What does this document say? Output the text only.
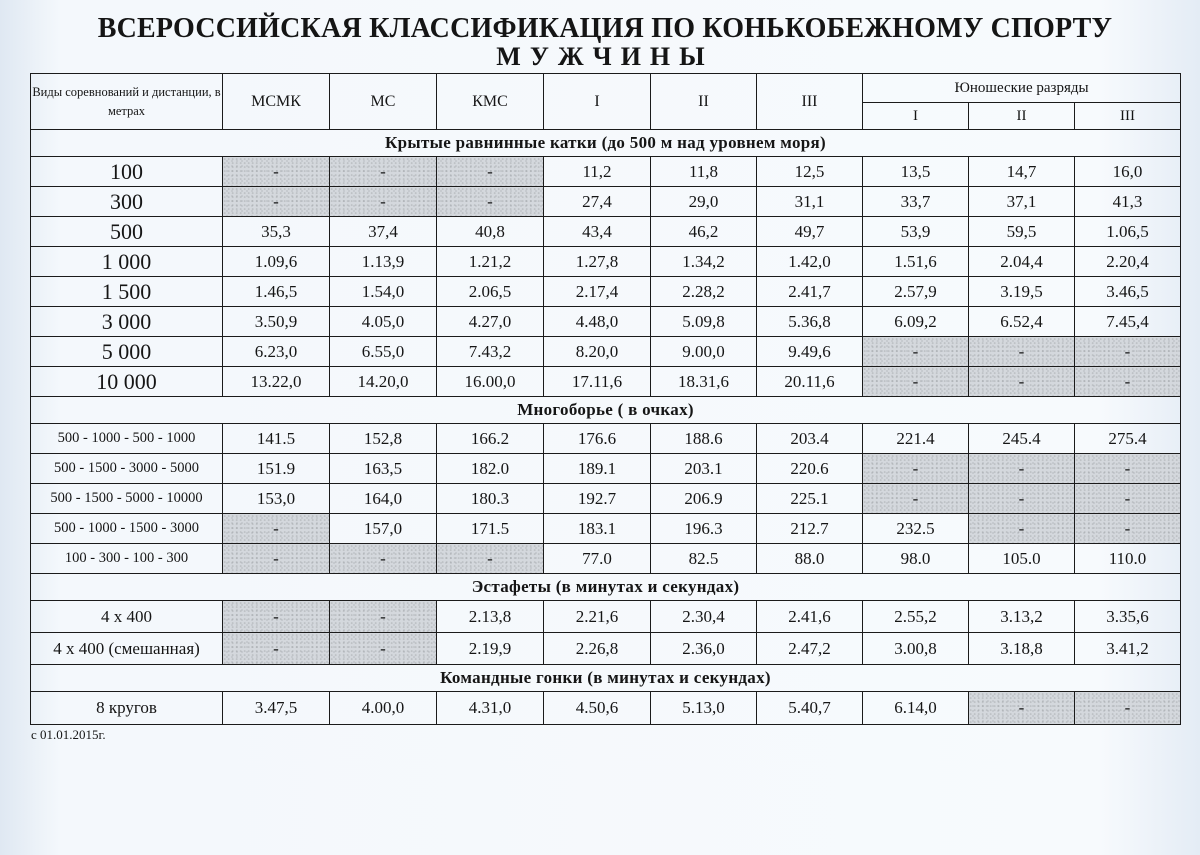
ВСЕРОССИЙСКАЯ КЛАССИФИКАЦИЯ ПО КОНЬКОБЕЖНОМУ СПОРТУ
МУЖЧИНЫ
Виды соревнований и дистанции, в метрах	МСМК	МС	КМС	I	II	III	Юношеские разряды		
							I	II	III
Крытые равнинные катки (до 500 м над уровнем моря)									
100	-	-	-	11,2	11,8	12,5	13,5	14,7	16,0
300	-	-	-	27,4	29,0	31,1	33,7	37,1	41,3
500	35,3	37,4	40,8	43,4	46,2	49,7	53,9	59,5	1.06,5
1 000	1.09,6	1.13,9	1.21,2	1.27,8	1.34,2	1.42,0	1.51,6	2.04,4	2.20,4
1 500	1.46,5	1.54,0	2.06,5	2.17,4	2.28,2	2.41,7	2.57,9	3.19,5	3.46,5
3 000	3.50,9	4.05,0	4.27,0	4.48,0	5.09,8	5.36,8	6.09,2	6.52,4	7.45,4
5 000	6.23,0	6.55,0	7.43,2	8.20,0	9.00,0	9.49,6	-	-	-
10 000	13.22,0	14.20,0	16.00,0	17.11,6	18.31,6	20.11,6	-	-	-
Многоборье ( в очках)									
500 - 1000 - 500 - 1000	141.5	152,8	166.2	176.6	188.6	203.4	221.4	245.4	275.4
500 - 1500 - 3000 - 5000	151.9	163,5	182.0	189.1	203.1	220.6	-	-	-
500 - 1500 - 5000 - 10000	153,0	164,0	180.3	192.7	206.9	225.1	-	-	-
500 - 1000 - 1500 - 3000	-	157,0	171.5	183.1	196.3	212.7	232.5	-	-
100 - 300 - 100 - 300	-	-	-	77.0	82.5	88.0	98.0	105.0	110.0
Эстафеты (в минутах и секундах)									
4 x 400	-	-	2.13,8	2.21,6	2.30,4	2.41,6	2.55,2	3.13,2	3.35,6
4 x 400 (смешанная)	-	-	2.19,9	2.26,8	2.36,0	2.47,2	3.00,8	3.18,8	3.41,2
Командные гонки (в минутах и секундах)									
8 кругов	3.47,5	4.00,0	4.31,0	4.50,6	5.13,0	5.40,7	6.14,0	-	-
с 01.01.2015г.
